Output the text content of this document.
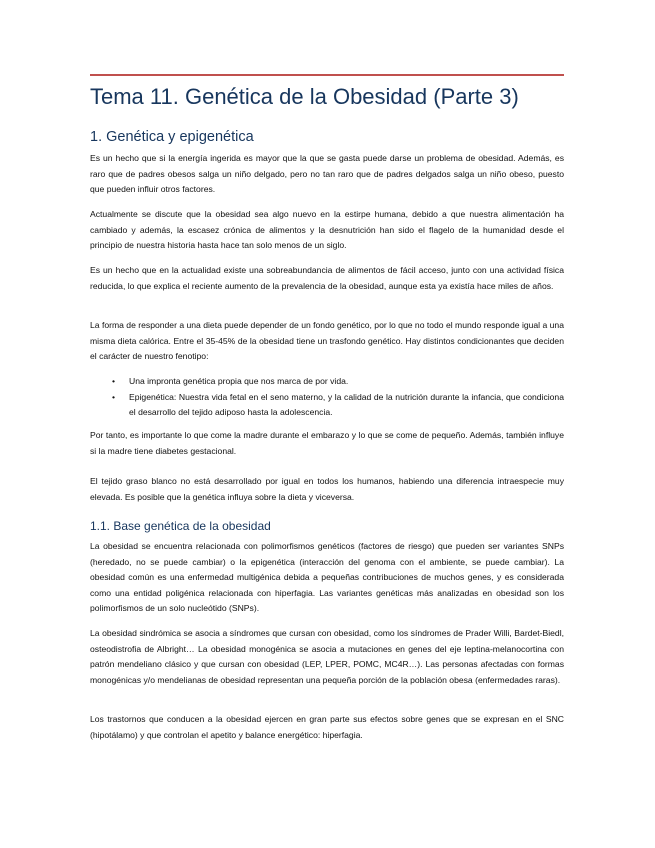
Tema 11. Genética de la Obesidad (Parte 3)
1. Genética y epigenética

Es un hecho que si la energía ingerida es mayor que la que se gasta puede darse un problema de obesidad. Además, es raro que de padres obesos salga un niño delgado, pero no tan raro que de padres delgados salga un niño obeso, puesto que pueden influir otros factores.

Actualmente se discute que la obesidad sea algo nuevo en la estirpe humana, debido a que nuestra alimentación ha cambiado y además, la escasez crónica de alimentos y la desnutrición han sido el flagelo de la humanidad desde el principio de nuestra historia hasta hace tan solo menos de un siglo.

Es un hecho que en la actualidad existe una sobreabundancia de alimentos de fácil acceso, junto con una actividad física reducida, lo que explica el reciente aumento de la prevalencia de la obesidad, aunque esta ya existía hace miles de años.

La forma de responder a una dieta puede depender de un fondo genético, por lo que no todo el mundo responde igual a una misma dieta calórica. Entre el 35-45% de la obesidad tiene un trasfondo genético. Hay distintos condicionantes que deciden el carácter de nuestro fenotipo:

• Una impronta genética propia que nos marca de por vida.
• Epigenética: Nuestra vida fetal en el seno materno, y la calidad de la nutrición durante la infancia, que condiciona el desarrollo del tejido adiposo hasta la adolescencia.

Por tanto, es importante lo que come la madre durante el embarazo y lo que se come de pequeño. Además, también influye si la madre tiene diabetes gestacional.

El tejido graso blanco no está desarrollado por igual en todos los humanos, habiendo una diferencia intraespecie muy elevada. Es posible que la genética influya sobre la dieta y viceversa.

1.1. Base genética de la obesidad

La obesidad se encuentra relacionada con polimorfismos genéticos (factores de riesgo) que pueden ser variantes SNPs (heredado, no se puede cambiar) o la epigenética (interacción del genoma con el ambiente, se puede cambiar). La obesidad común es una enfermedad multigénica debida a pequeñas contribuciones de muchos genes, y es considerada como una entidad poligénica relacionada con hiperfagia. Las variantes genéticas más analizadas en obesidad son los polimorfismos de un solo nucleótido (SNPs).

La obesidad sindrómica se asocia a síndromes que cursan con obesidad, como los síndromes de Prader Willi, Bardet-Biedl, osteodistrofia de Albright… La obesidad monogénica se asocia a mutaciones en genes del eje leptina-melanocortina con patrón mendeliano clásico y que cursan con obesidad (LEP, LPER, POMC, MC4R…). Las personas afectadas con formas monogénicas y/o mendelianas de obesidad representan una pequeña porción de la población obesa (enfermedades raras).

Los trastornos que conducen a la obesidad ejercen en gran parte sus efectos sobre genes que se expresan en el SNC (hipotálamo) y que controlan el apetito y balance energético: hiperfagia.
